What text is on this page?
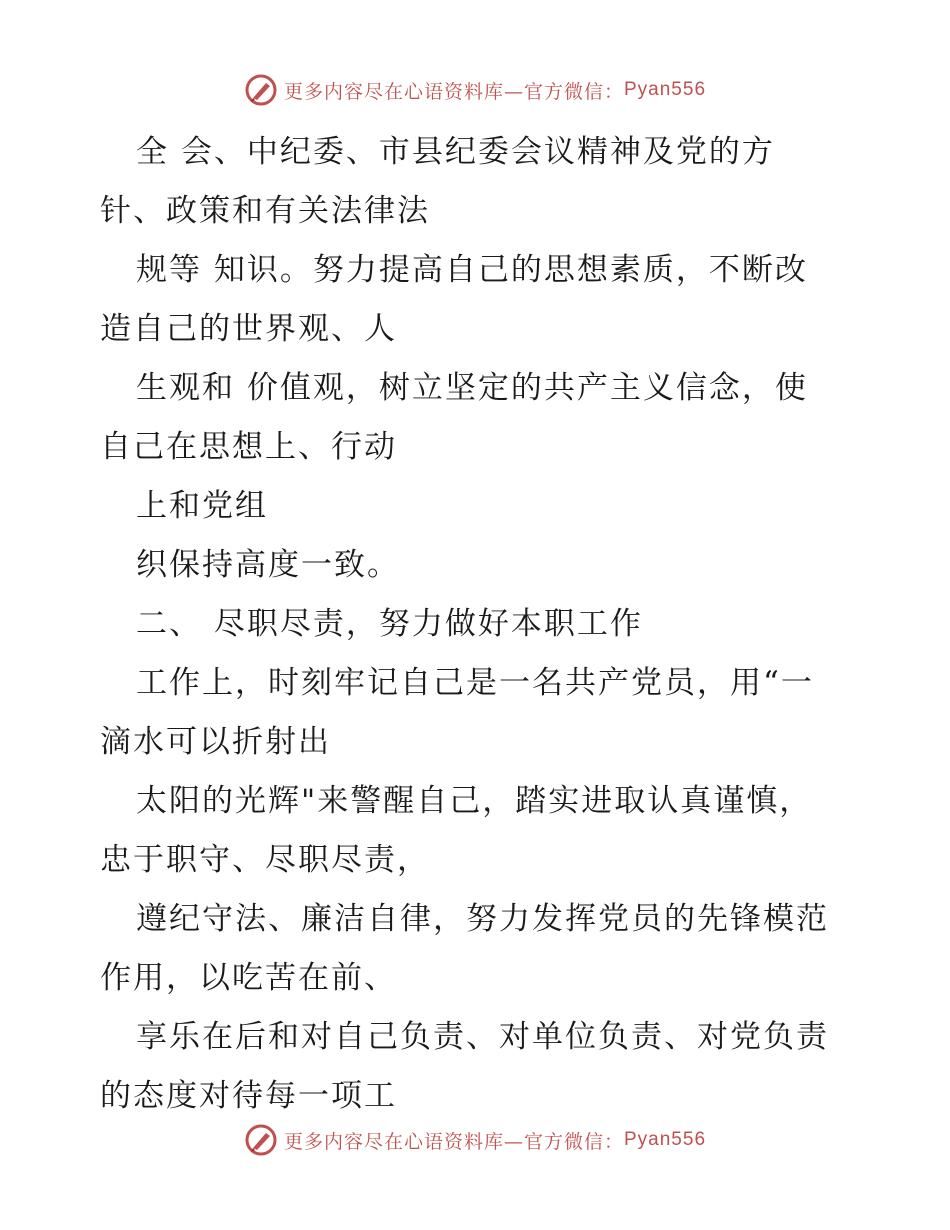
更多内容尽在心语资料库—官方微信： Pyan556
全 会、中纪委、市县纪委会议精神及党的方
针、政策和有关法律法
规等 知识。努力提高自己的思想素质，不断改
造自己的世界观、人
生观和 价值观，树立坚定的共产主义信念，使
自己在思想上、行动
上和党组
织保持高度一致。
二、 尽职尽责，努力做好本职工作
工作上，时刻牢记自己是一名共产党员，用“一
滴水可以折射出
太阳的光辉"来警醒自己，踏实进取认真谨慎，
忠于职守、尽职尽责，
遵纪守法、廉洁自律，努力发挥党员的先锋模范
作用，以吃苦在前、
享乐在后和对自己负责、对单位负责、对党负责
的态度对待每一项工
更多内容尽在心语资料库—官方微信： Pyan556
